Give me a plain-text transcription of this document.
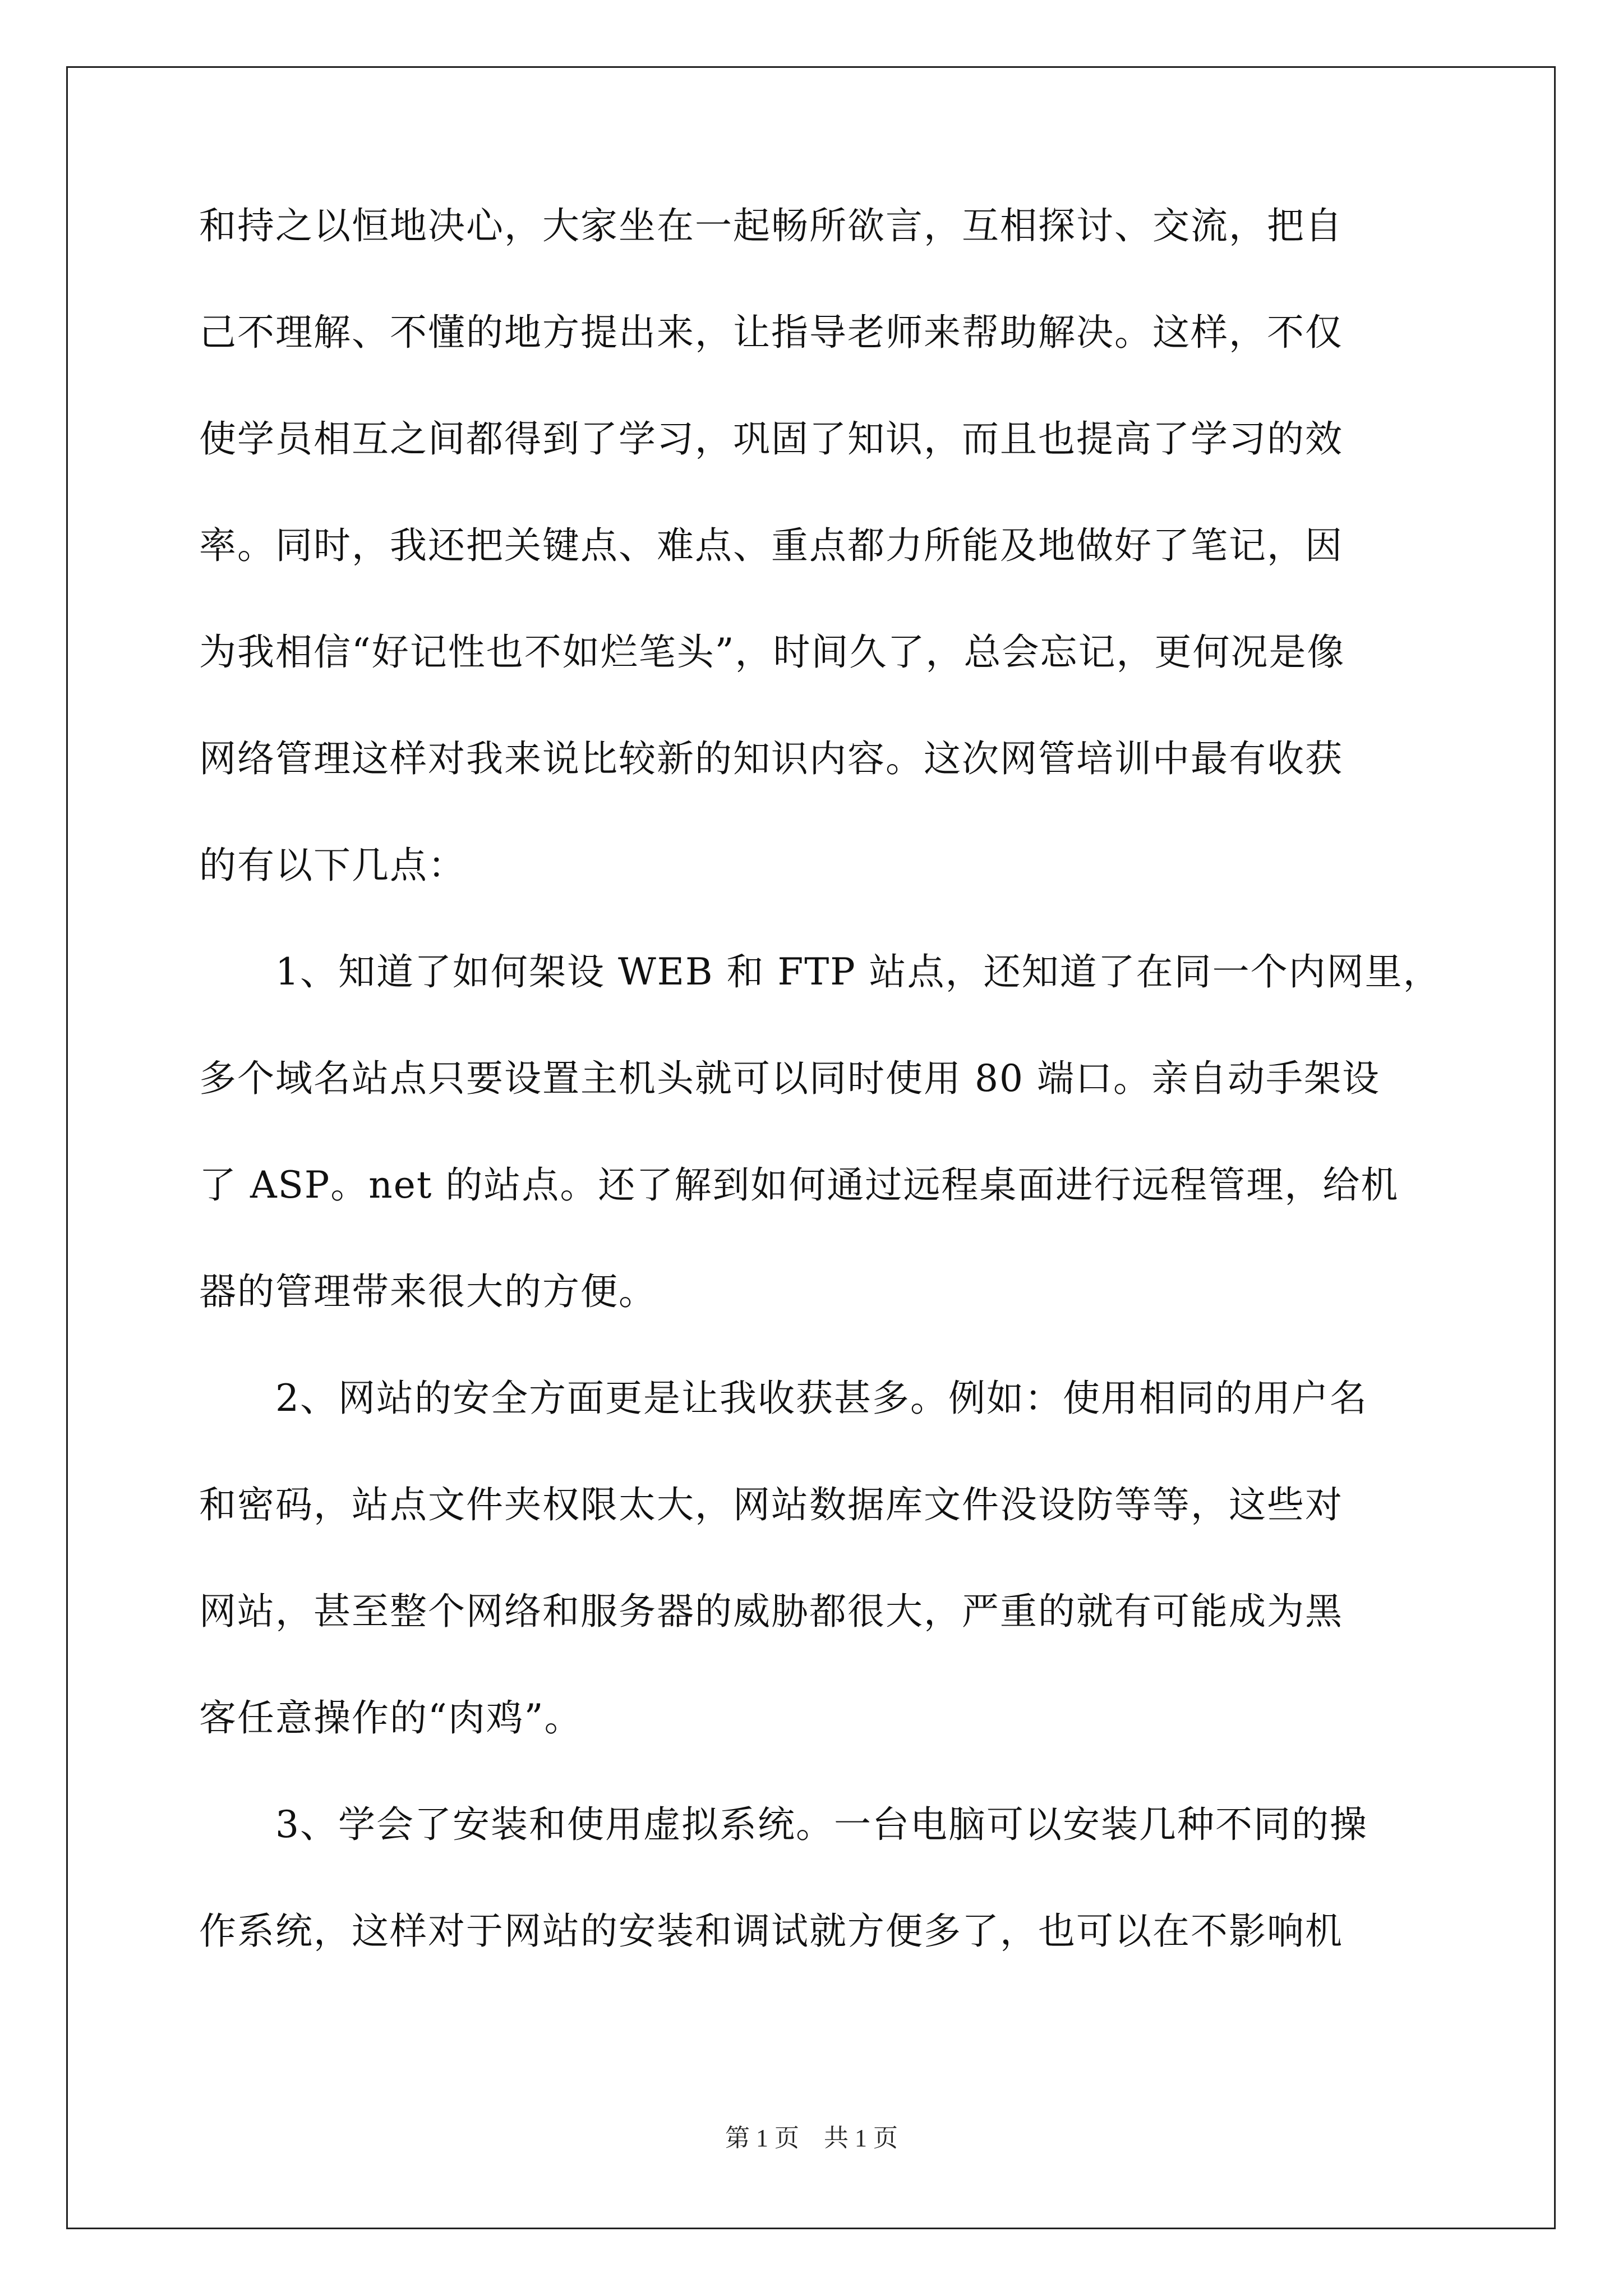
和持之以恒地决心，大家坐在一起畅所欲言，互相探讨、交流，把自
己不理解、不懂的地方提出来，让指导老师来帮助解决。这样，不仅
使学员相互之间都得到了学习，巩固了知识，而且也提高了学习的效
率。同时，我还把关键点、难点、重点都力所能及地做好了笔记，因
为我相信“好记性也不如烂笔头”，时间久了，总会忘记，更何况是像
网络管理这样对我来说比较新的知识内容。这次网管培训中最有收获
的有以下几点：
　　1、知道了如何架设 WEB 和 FTP 站点，还知道了在同一个内网里，
多个域名站点只要设置主机头就可以同时使用 80 端口。亲自动手架设
了 ASP。net 的站点。还了解到如何通过远程桌面进行远程管理，给机
器的管理带来很大的方便。
　　2、网站的安全方面更是让我收获甚多。例如：使用相同的用户名
和密码，站点文件夹权限太大，网站数据库文件没设防等等，这些对
网站，甚至整个网络和服务器的威胁都很大，严重的就有可能成为黑
客任意操作的“肉鸡”。
　　3、学会了安装和使用虚拟系统。一台电脑可以安装几种不同的操
作系统，这样对于网站的安装和调试就方便多了，也可以在不影响机
第 1 页　共 1 页
